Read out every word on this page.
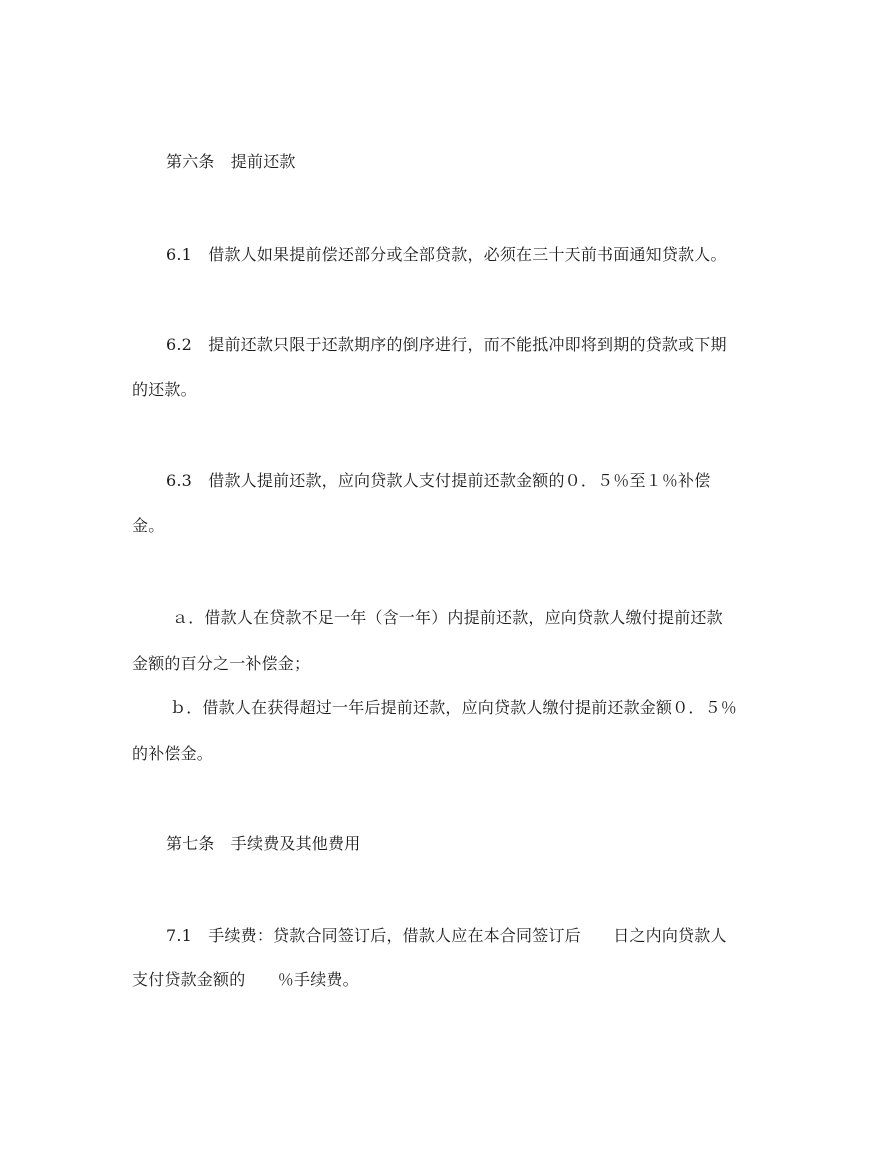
第六条　提前还款
6.1　借款人如果提前偿还部分或全部贷款，必须在三十天前书面通知贷款人。
6.2　提前还款只限于还款期序的倒序进行，而不能抵冲即将到期的贷款或下期
的还款。
6.3　借款人提前还款，应向贷款人支付提前还款金额的０．５％至１％补偿
金。
ａ．借款人在贷款不足一年（含一年）内提前还款，应向贷款人缴付提前还款
金额的百分之一补偿金；
ｂ．借款人在获得超过一年后提前还款，应向贷款人缴付提前还款金额０．５％
的补偿金。
第七条　手续费及其他费用
7.1　手续费：贷款合同签订后，借款人应在本合同签订后　　日之内向贷款人
支付贷款金额的　　％手续费。
